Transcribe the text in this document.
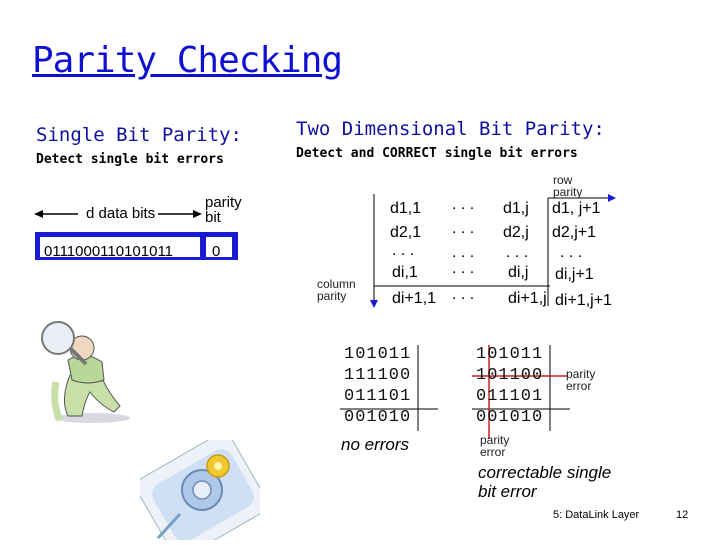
Parity Checking
Single Bit Parity:
Detect single bit errors
d data bits
parity bit
0111000110101011	0
Two Dimensional Bit Parity:
Detect and CORRECT single bit errors
row parity
column parity
d1,1 . . . d1,j d1, j+1
d2,1 . . . d2,j d2,j+1
. . . . . . . . . . . .
di,1 . . . di,j di,j+1
di+1,1 . . . di+1,j di+1,j+1
101011
111100
011101
001010
no errors
101011
101100
011101
001010
parity error
parity error
correctable single bit error
5: DataLink Layer	12
